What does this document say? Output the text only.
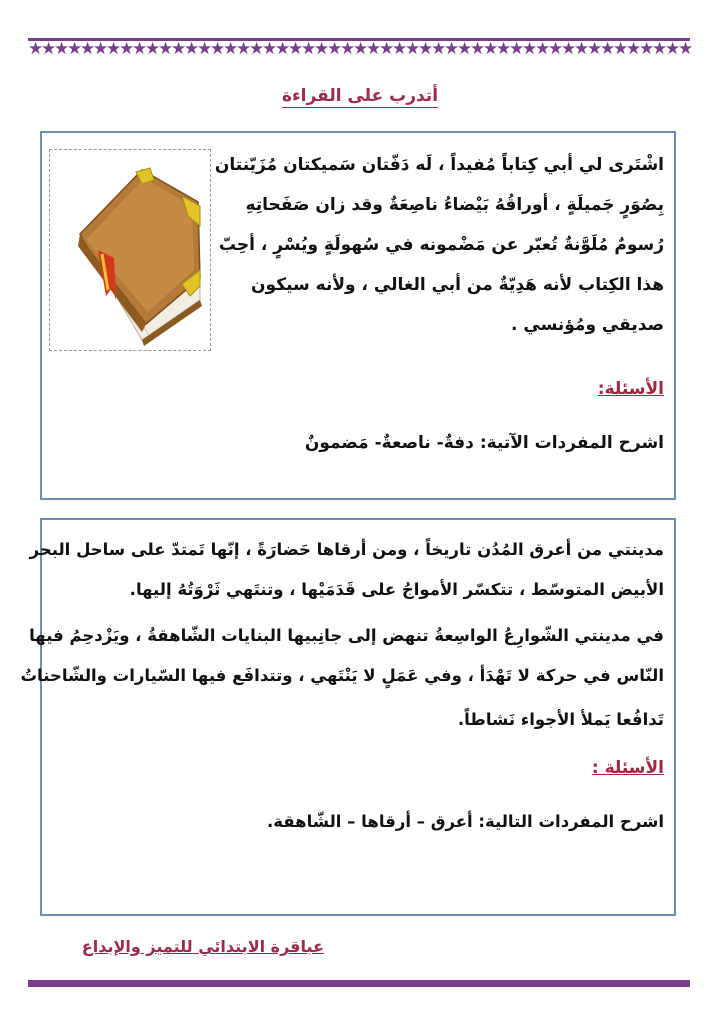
★
★
★
★
★
★
★
★
★
★
★
★
★
★
★
★
★
★
★
★
★
★
★
★
★
★
★
★
★
★
★
★
★
★
★
★
★
★
★
★
★
★
★
★
★
★
★
★
★
★
★
أتدرب على القراءة
اشْتَرى لي أبي كِتاباً مُفيداً ، لَه دَفّتان سَميكتان مُزَيّنتان
بِصُوَرٍ جَميلَةٍ ، أوراقُهُ بَيْضاءُ ناصِعَةٌ وقد زان صَفَحاتِهِ
رُسومٌ مُلَوَّنةٌ تُعبّر عن مَضْمونه في سُهولَةٍ ويُسْرٍ ، أحِبّ
هذا الكِتاب لأنه هَدِيّةٌ من أبي الغالي ، ولأنه سيكون
صديقي ومُؤنسي .
الأسئلة:
اشرح المفردات الآتية: دفةٌ- ناصعةٌ- مَضمونٌ
مدينتي من أعرق المُدُن تاريخاً ، ومن أرقاها حَضارَةً ، إنّها تَمتدّ على ساحل البحر
الأبيض المتوسّط ، تتكسّر الأمواجُ على قَدَمَيْها ، وتنتَهي ثَرْوَتُهُ إليها.
في مدينتي الشّوارِعُ الواسِعةُ تنهض إلى جانِبيها البنايات الشّاهقةُ ، ويَزْدحِمُ فيها
النّاس في حركة لا تَهْدَأ ، وفي عَمَلٍ لا يَنْتَهي ، وتتدافَع فيها السّيارات والشّاحناتُ
تَدافُعا يَملأ الأجواء نَشاطاً.
الأسئلة :
اشرح المفردات التالية: أعرق – أرقاها – الشّاهقة.
عباقرة الابتدائي للتميز والإبداع
